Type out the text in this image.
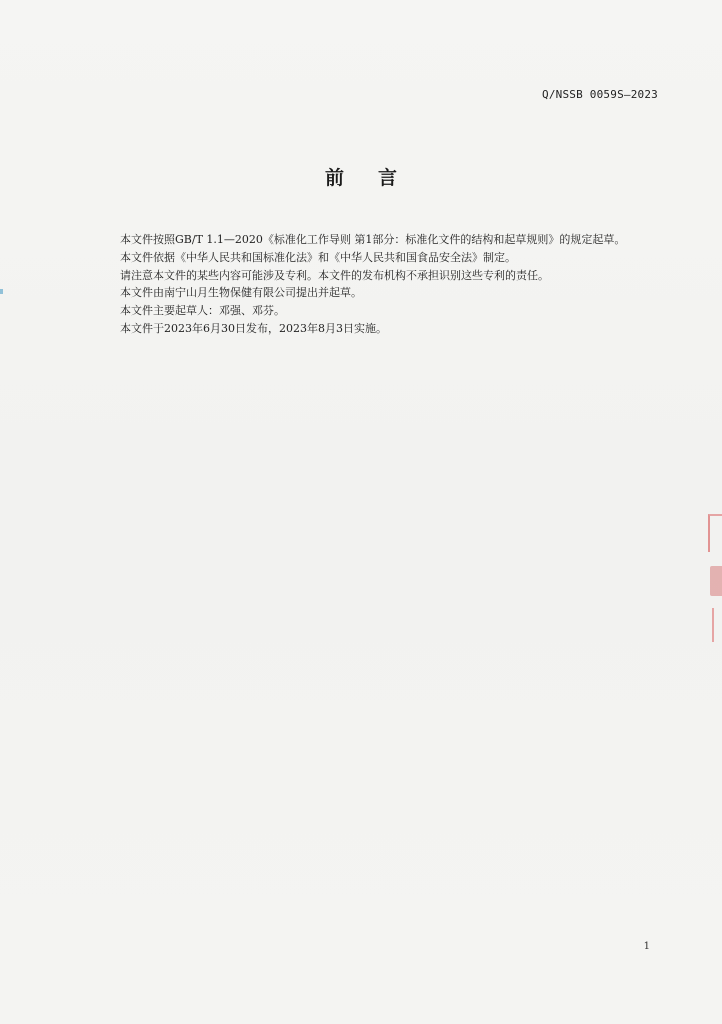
Q/NSSB 0059S—2023
前言

本文件按照GB/T 1.1—2020《标准化工作导则 第1部分：标准化文件的结构和起草规则》的规定起草。

本文件依据《中华人民共和国标准化法》和《中华人民共和国食品安全法》制定。

请注意本文件的某些内容可能涉及专利。本文件的发布机构不承担识别这些专利的责任。

本文件由南宁山月生物保健有限公司提出并起草。

本文件主要起草人：邓强、邓芬。

本文件于2023年6月30日发布，2023年8月3日实施。

1
